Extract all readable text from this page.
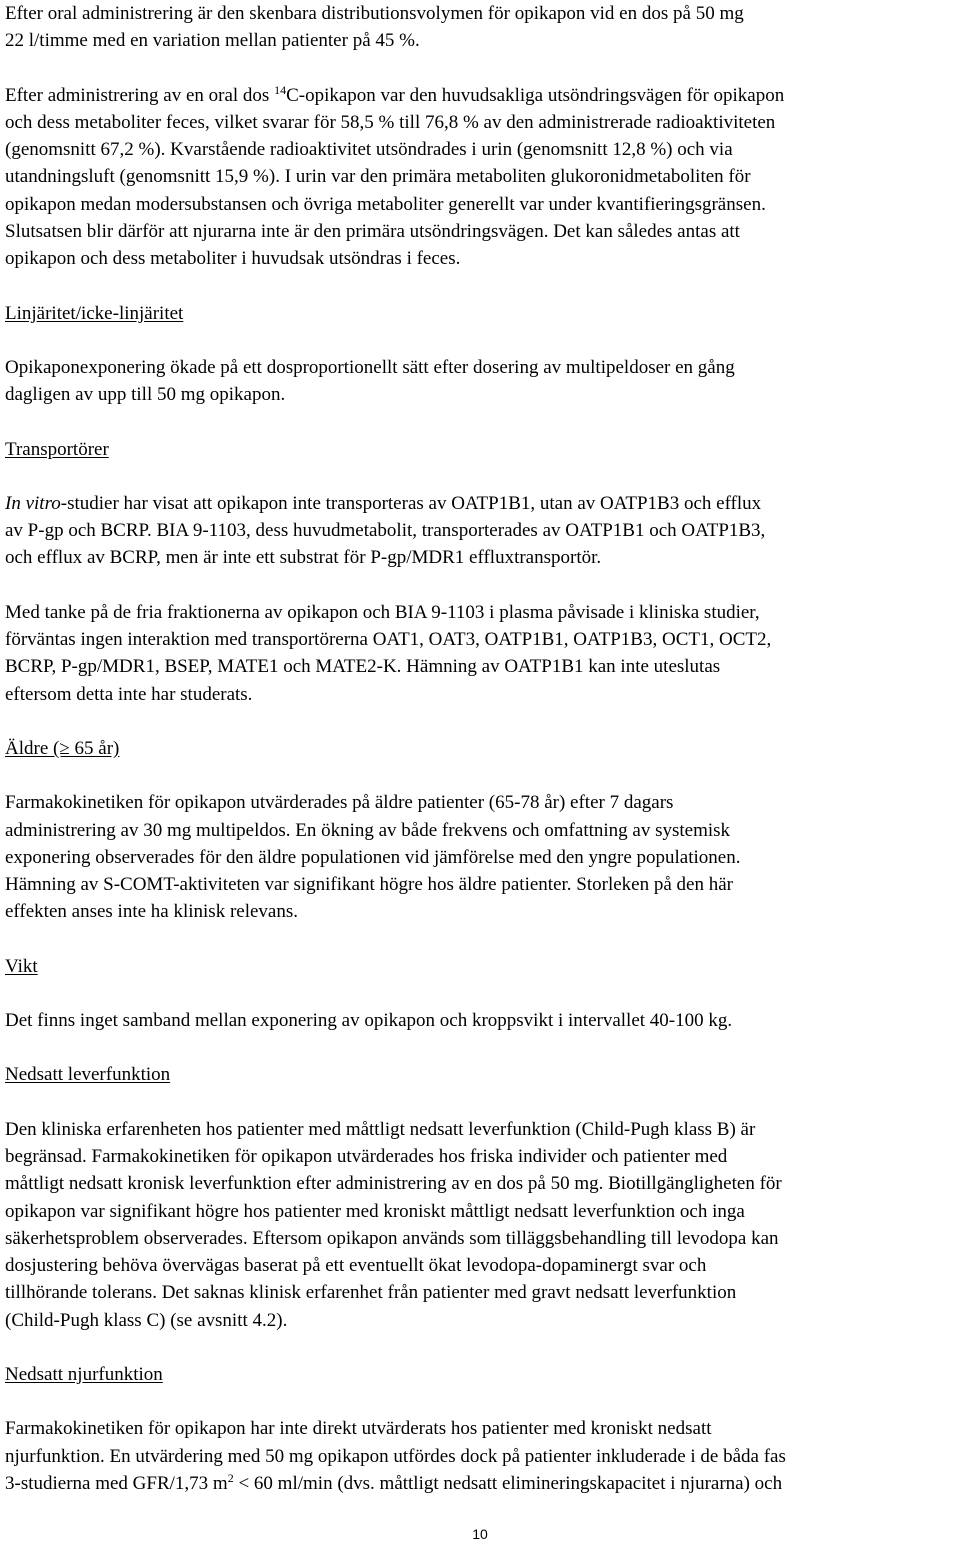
Efter oral administrering är den skenbara distributionsvolymen för opikapon vid en dos på 50 mg

22 l/timme med en variation mellan patienter på 45 %.

Efter administrering av en oral dos $^{14}$C-opikapon var den huvudsakliga utsöndringsvägen för opikapon

och dess metaboliter feces, vilket svarar för 58,5 % till 76,8 % av den administrerade radioaktiviteten

(genomsnitt 67,2 %). Kvarstående radioaktivitet utsöndrades i urin (genomsnitt 12,8 %) och via

utandningsluft (genomsnitt 15,9 %). I urin var den primära metaboliten glukoronidmetaboliten för

opikapon medan modersubstansen och övriga metaboliter generellt var under kvantifieringsgränsen.

Slutsatsen blir därför att njurarna inte är den primära utsöndringsvägen. Det kan således antas att

opikapon och dess metaboliter i huvudsak utsöndras i feces.

Linjäritet/icke-linjäritet

Opikaponexponering ökade på ett dosproportionellt sätt efter dosering av multipeldoser en gång

dagligen av upp till 50 mg opikapon.

Transportörer

In vitro-studier har visat att opikapon inte transporteras av OATP1B1, utan av OATP1B3 och efflux

av P-gp och BCRP. BIA 9-1103, dess huvudmetabolit, transporterades av OATP1B1 och OATP1B3,

och efflux av BCRP, men är inte ett substrat för P-gp/MDR1 effluxtransportör.

Med tanke på de fria fraktionerna av opikapon och BIA 9-1103 i plasma påvisade i kliniska studier,

förväntas ingen interaktion med transportörerna OAT1, OAT3, OATP1B1, OATP1B3, OCT1, OCT2,

BCRP, P-gp/MDR1, BSEP, MATE1 och MATE2-K. Hämning av OATP1B1 kan inte uteslutas

eftersom detta inte har studerats.

Äldre (≥ 65 år)

Farmakokinetiken för opikapon utvärderades på äldre patienter (65-78 år) efter 7 dagars

administrering av 30 mg multipeldos. En ökning av både frekvens och omfattning av systemisk

exponering observerades för den äldre populationen vid jämförelse med den yngre populationen.

Hämning av S-COMT-aktiviteten var signifikant högre hos äldre patienter. Storleken på den här

effekten anses inte ha klinisk relevans.

Vikt

Det finns inget samband mellan exponering av opikapon och kroppsvikt i intervallet 40-100 kg.

Nedsatt leverfunktion

Den kliniska erfarenheten hos patienter med måttligt nedsatt leverfunktion (Child-Pugh klass B) är

begränsad. Farmakokinetiken för opikapon utvärderades hos friska individer och patienter med

måttligt nedsatt kronisk leverfunktion efter administrering av en dos på 50 mg. Biotillgängligheten för

opikapon var signifikant högre hos patienter med kroniskt måttligt nedsatt leverfunktion och inga

säkerhetsproblem observerades. Eftersom opikapon används som tilläggsbehandling till levodopa kan

dosjustering behöva övervägas baserat på ett eventuellt ökat levodopa-dopaminergt svar och

tillhörande tolerans. Det saknas klinisk erfarenhet från patienter med gravt nedsatt leverfunktion

(Child-Pugh klass C) (se avsnitt 4.2).

Nedsatt njurfunktion

Farmakokinetiken för opikapon har inte direkt utvärderats hos patienter med kroniskt nedsatt

njurfunktion. En utvärdering med 50 mg opikapon utfördes dock på patienter inkluderade i de båda fas

3-studierna med GFR/1,73 $m^2 < 60$ ml/min (dvs. måttligt nedsatt elimineringskapacitet i njurarna) och

10
